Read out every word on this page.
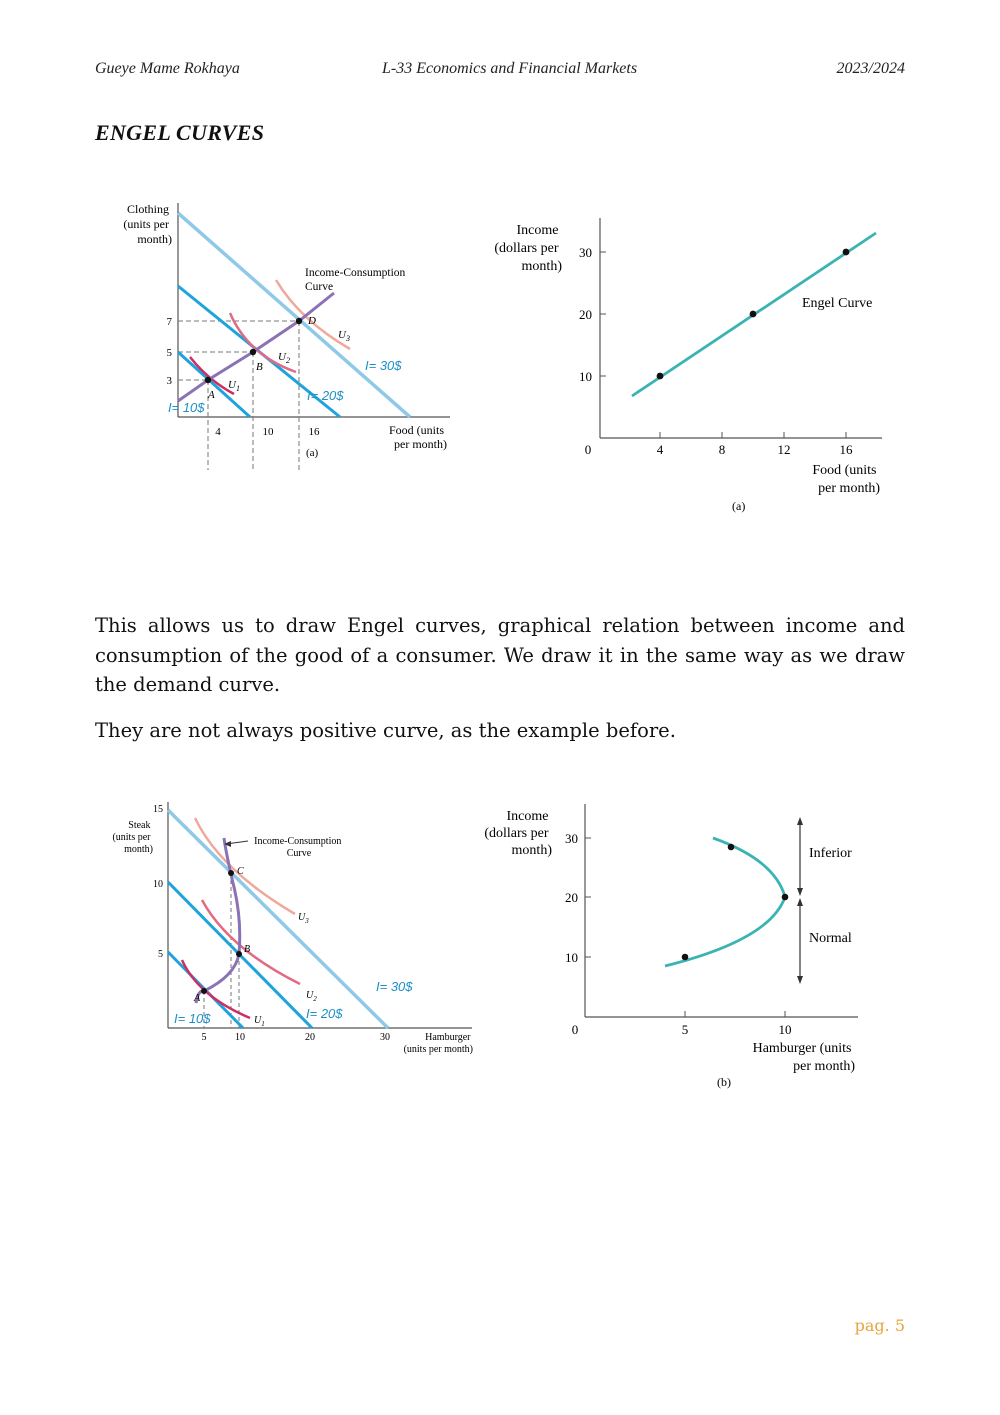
Gueye Mame Rokhaya	L-33 Economics and Financial Markets	2023/2024
ENGEL CURVES
Clothing (units per month)
A
B
D
$U_1$
$U_2$
$U_3$
Income-Consumption Curve
I= 30$
I= 20$
I= 10$
7
5
3
4	10	16	Food (units per month)
(a)
Income (dollars per month)
30
20
10
0	4	8	12	16
Engel Curve
Food (units per month)
(a)

This allows us to draw Engel curves, graphical relation between income and consumption of the good of a consumer. We draw it in the same way as we draw the demand curve.

They are not always positive curve, as the example before.

Steak (units per month)
15
10
5
Income-Consumption Curve
A
B
C
$U_1$
$U_2$
$U_3$
I= 30$
I= 20$
I= 10$
5	10	20	30	Hamburger (units per month)
Income (dollars per month)
30
20
10
0	5	10
Inferior
Normal
Hamburger (units per month)
(b)
pag. 5
